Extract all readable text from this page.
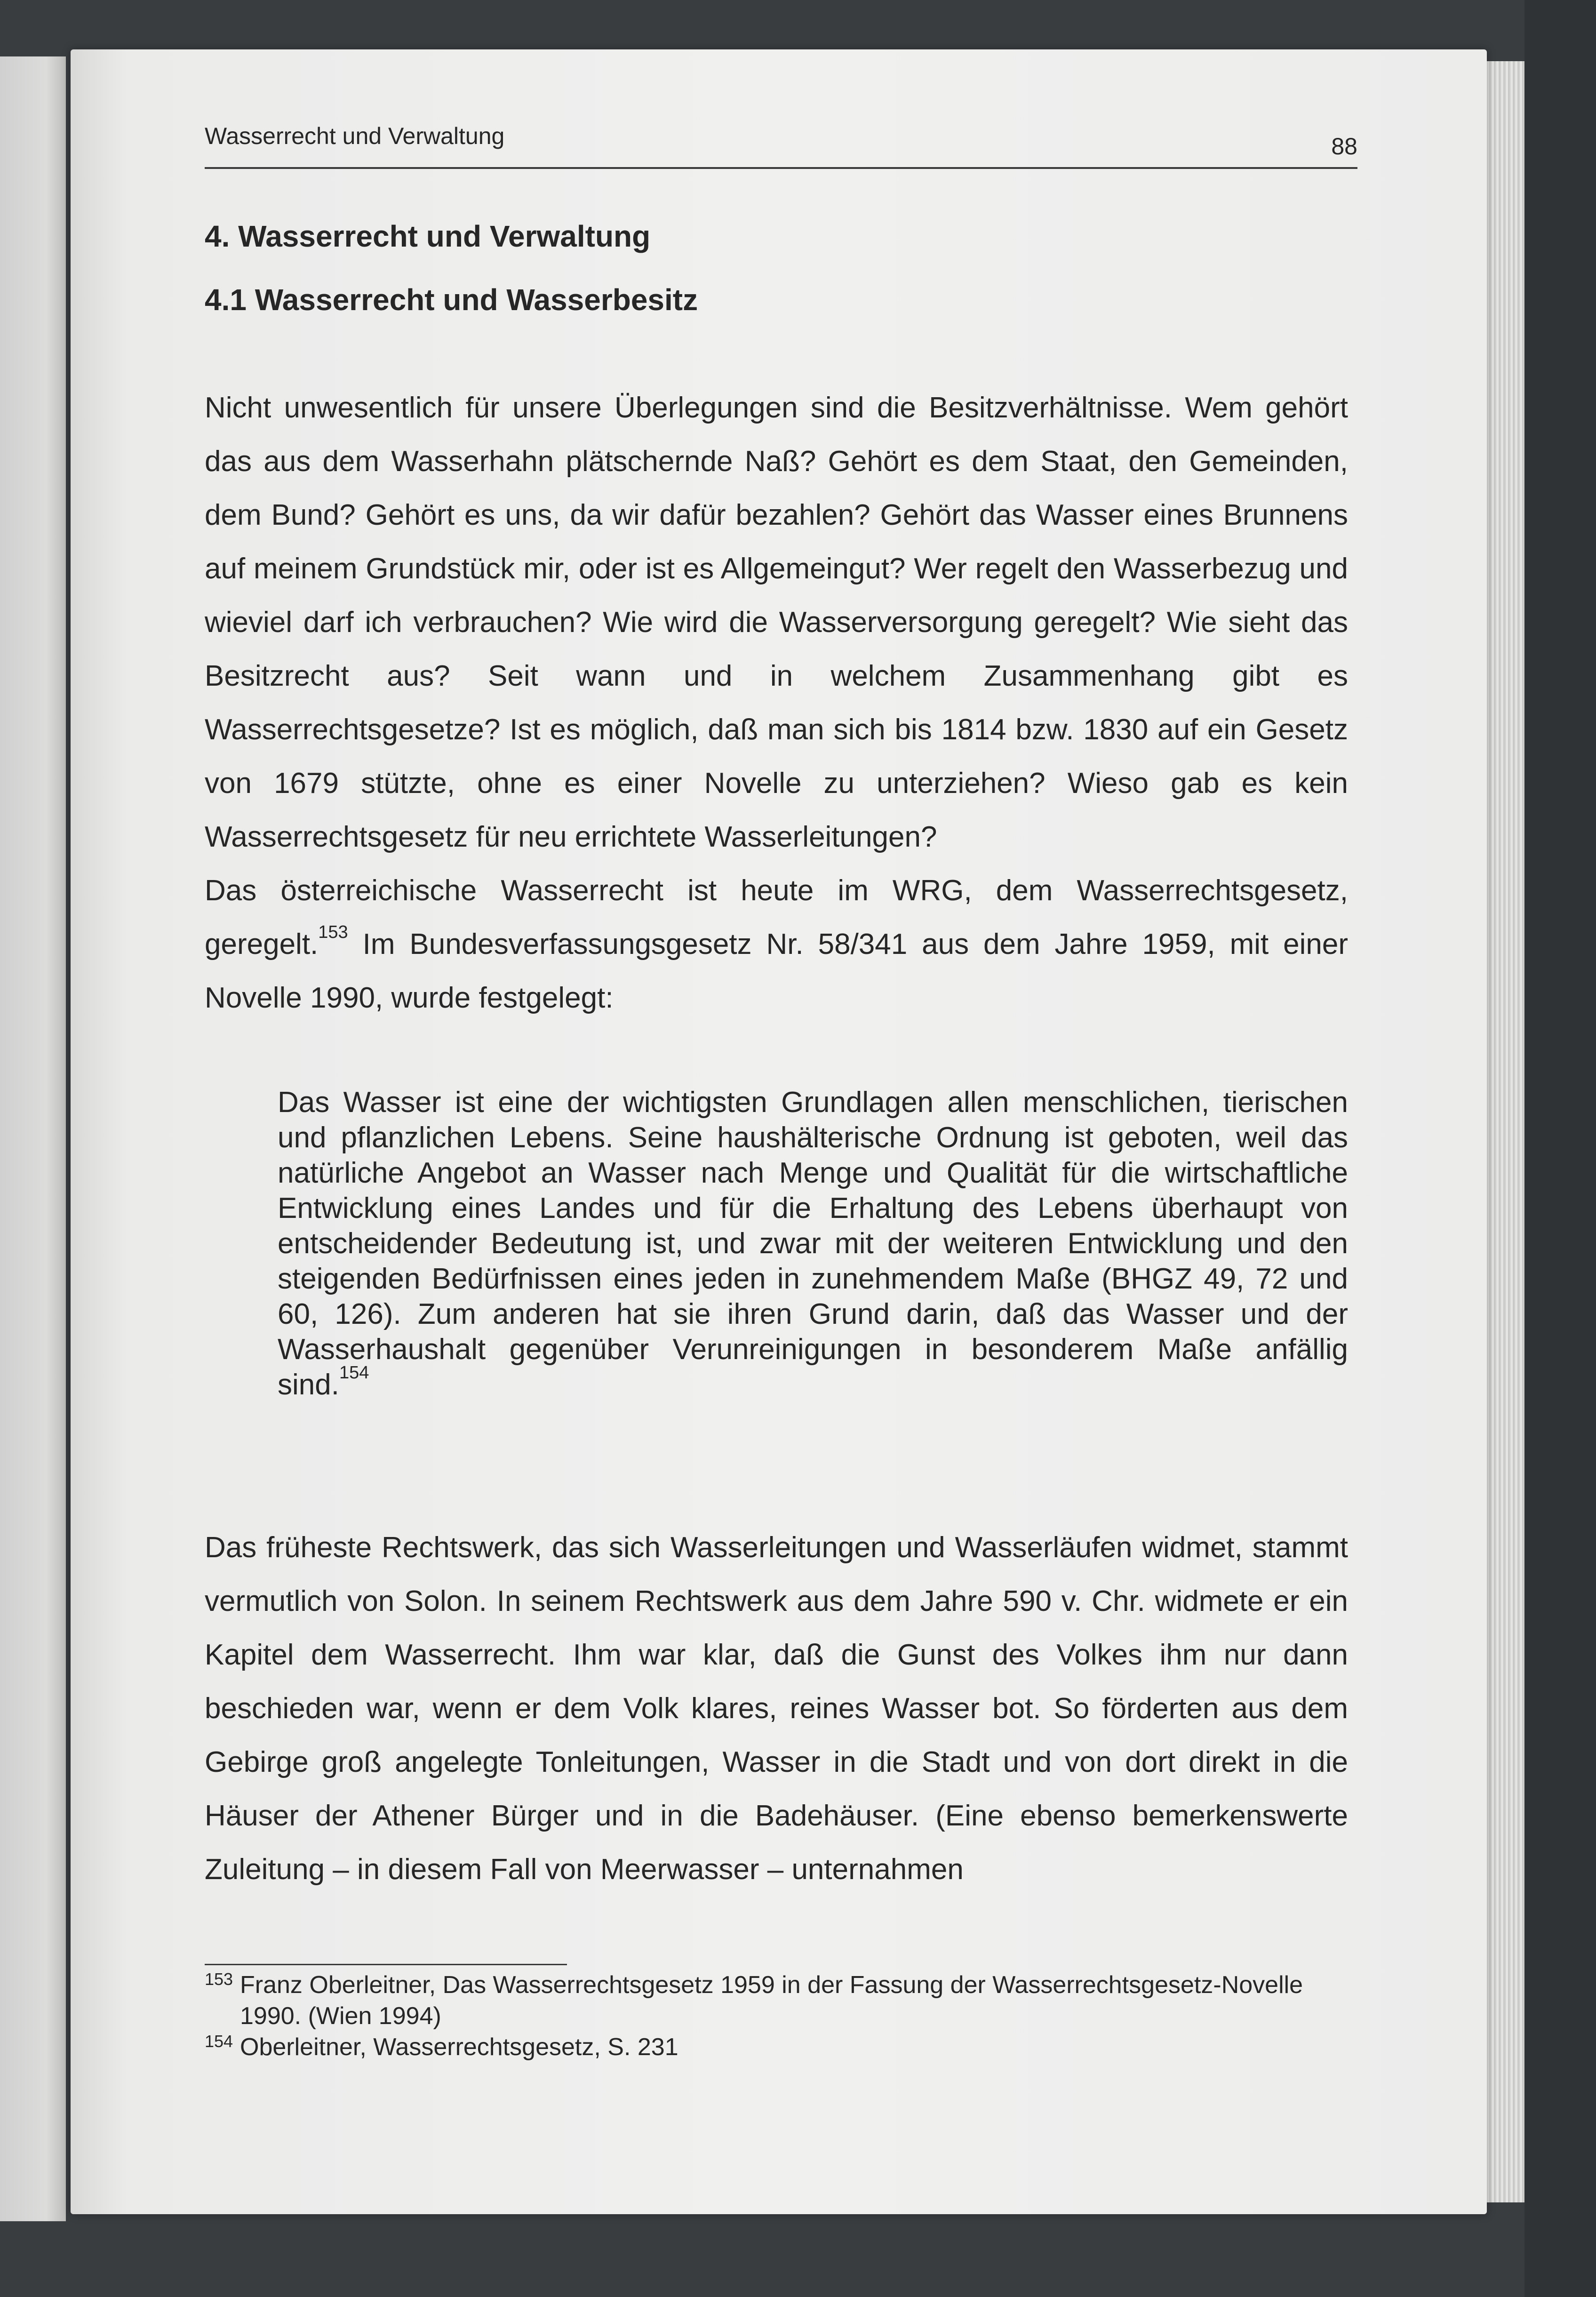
Wasserrecht und Verwaltung	88
4. Wasserrecht und Verwaltung
4.1 Wasserrecht und Wasserbesitz

Nicht unwesentlich für unsere Überlegungen sind die Besitzverhältnisse. Wem gehört das aus dem Wasserhahn plätschernde Naß? Gehört es dem Staat, den Gemeinden, dem Bund? Gehört es uns, da wir dafür bezahlen? Gehört das Wasser eines Brunnens auf meinem Grundstück mir, oder ist es Allgemeingut? Wer regelt den Wasserbezug und wieviel darf ich verbrauchen? Wie wird die Wasserversorgung geregelt? Wie sieht das Besitzrecht aus? Seit wann und in welchem Zusammenhang gibt es Wasserrechtsgesetze? Ist es möglich, daß man sich bis 1814 bzw. 1830 auf ein Gesetz von 1679 stützte, ohne es einer Novelle zu unterziehen? Wieso gab es kein Wasserrechtsgesetz für neu errichtete Wasserleitungen?

Das österreichische Wasserrecht ist heute im WRG, dem Wasserrechtsgesetz, geregelt.$^{153}$ Im Bundesverfassungsgesetz Nr. 58/341 aus dem Jahre 1959, mit einer Novelle 1990, wurde festgelegt:

Das Wasser ist eine der wichtigsten Grundlagen allen menschlichen, tierischen und pflanzlichen Lebens. Seine haushälterische Ordnung ist geboten, weil das natürliche Angebot an Wasser nach Menge und Qualität für die wirtschaftliche Entwicklung eines Landes und für die Erhaltung des Lebens überhaupt von entscheidender Bedeutung ist, und zwar mit der weiteren Entwicklung und den steigenden Bedürfnissen eines jeden in zunehmendem Maße (BHGZ 49, 72 und 60, 126). Zum anderen hat sie ihren Grund darin, daß das Wasser und der Wasserhaushalt gegenüber Verunreinigungen in besonderem Maße anfällig sind.$^{154}$

Das früheste Rechtswerk, das sich Wasserleitungen und Wasserläufen widmet, stammt vermutlich von Solon. In seinem Rechtswerk aus dem Jahre 590 v. Chr. widmete er ein Kapitel dem Wasserrecht. Ihm war klar, daß die Gunst des Volkes ihm nur dann beschieden war, wenn er dem Volk klares, reines Wasser bot. So förderten aus dem Gebirge groß angelegte Tonleitungen, Wasser in die Stadt und von dort direkt in die Häuser der Athener Bürger und in die Badehäuser. (Eine ebenso bemerkenswerte Zuleitung – in diesem Fall von Meerwasser – unternahmen

153 Franz Oberleitner, Das Wasserrechtsgesetz 1959 in der Fassung der Wasserrechtsgesetz-Novelle 1990. (Wien 1994)
154 Oberleitner, Wasserrechtsgesetz, S. 231
